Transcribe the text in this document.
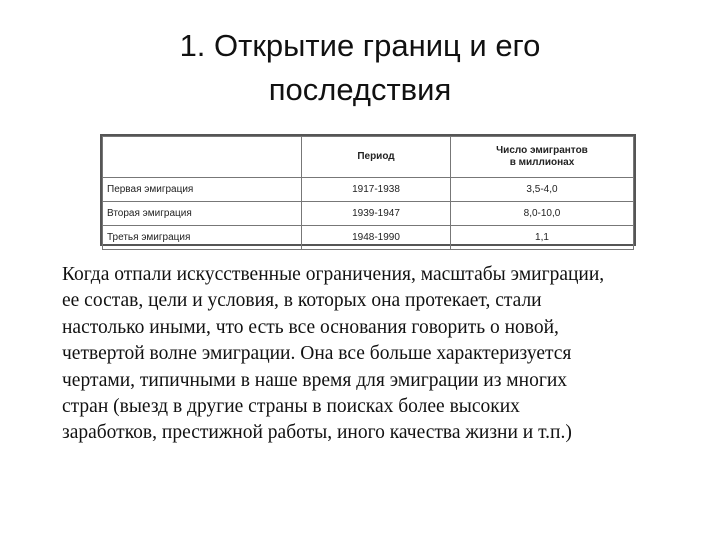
1. Открытие границ и его
последствия
	Период	Число эмигрантов
в миллионах
Первая эмиграция	1917-1938	3,5-4,0
Вторая эмиграция	1939-1947	8,0-10,0
Третья эмиграция	1948-1990	1,1
Когда отпали искусственные ограничения, масштабы эмиграции,
ее состав, цели и условия, в которых она протекает, стали
настолько иными, что есть все основания говорить о новой,
четвертой волне эмиграции. Она все больше характеризуется
чертами, типичными в наше время для эмиграции из многих
стран (выезд в другие страны в поисках более высоких
заработков, престижной работы, иного качества жизни и т.п.)
